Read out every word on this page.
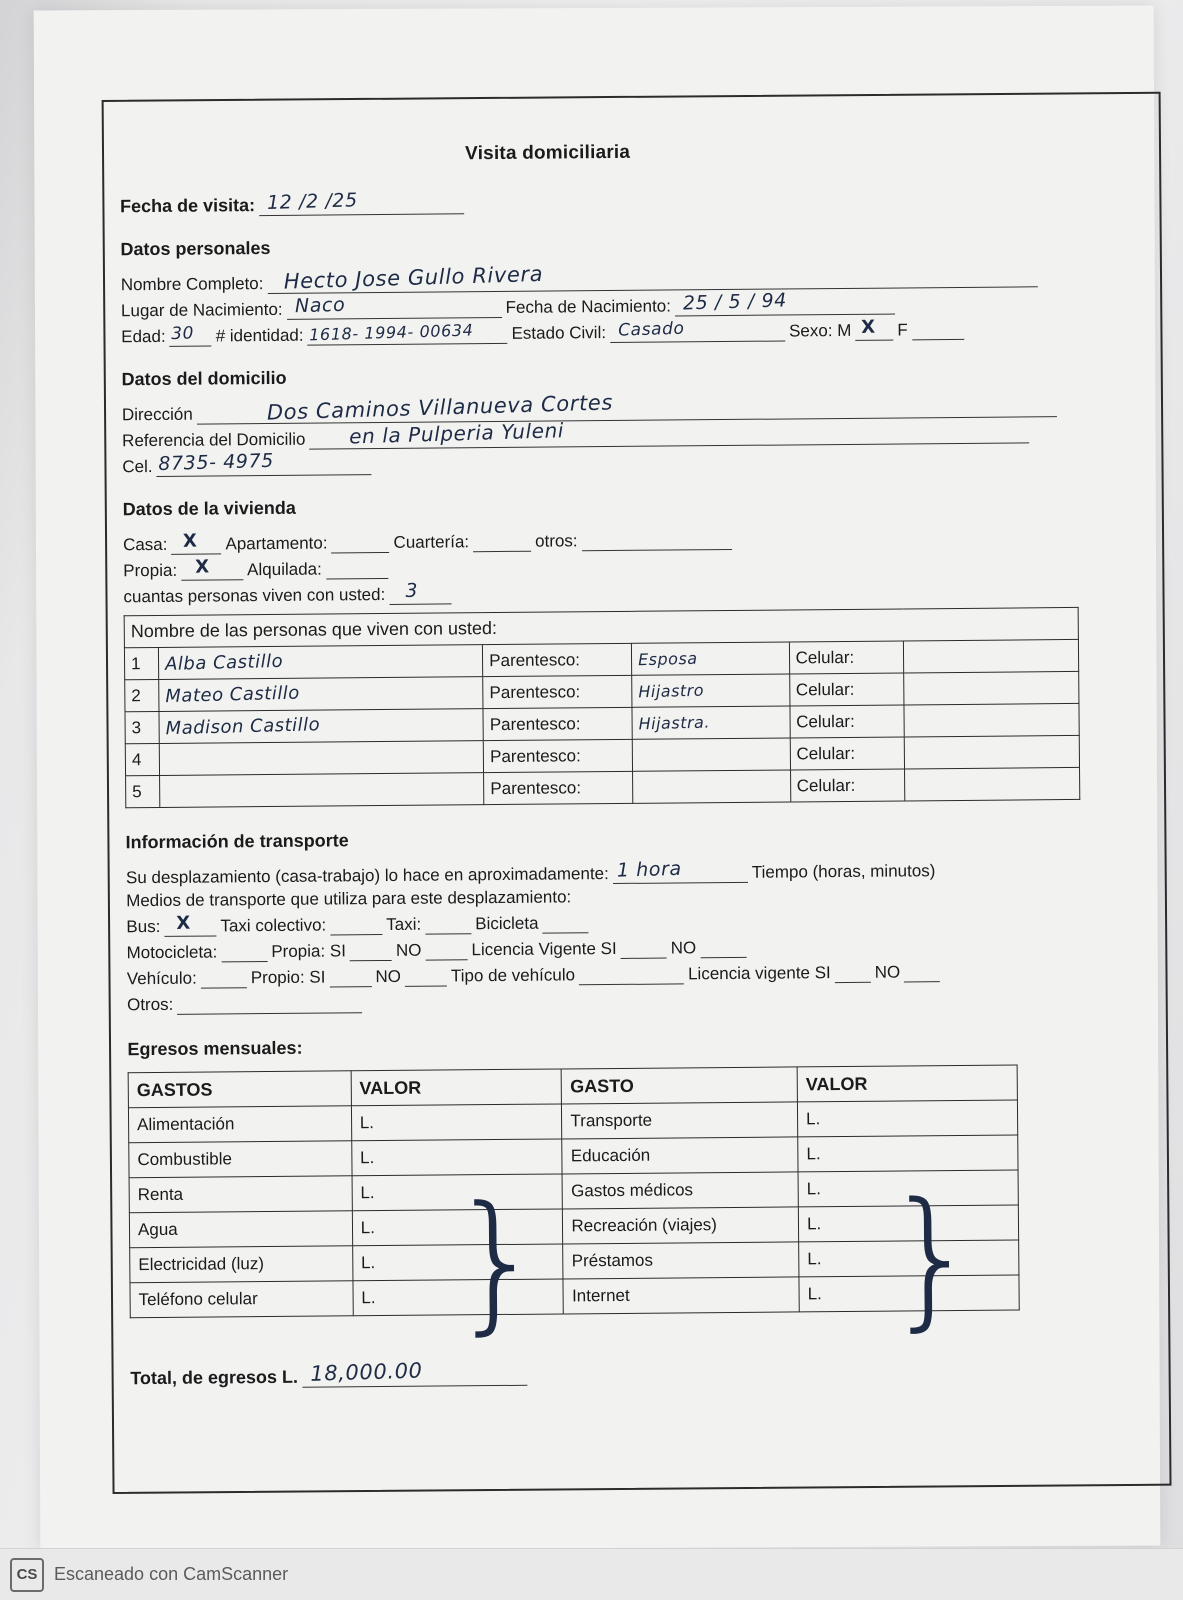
Visita domiciliaria
Fecha de visita: 12 /2 /25
Datos personales
Nombre Completo: Hecto Jose Gullo Rivera
Lugar de Nacimiento: Naco	Fecha de Nacimiento: 25 / 5 / 94
Edad: 30 # identidad: 1618- 1994- 00634 Estado Civil: Casado	Sexo: M X F
Datos del domicilio
Dirección	Dos Caminos Villanueva Cortes
Referencia del Domicilio en la Pulperia Yuleni
Cel. 8735- 4975
Datos de la vivienda
Casa: X Apartamento:	Cuartería:	otros:
Propia: X Alquilada:
cuantas personas viven con usted: 3
Nombre de las personas que viven con usted:					
1	Alba Castillo	Parentesco:	Esposa	Celular:	
2	Mateo Castillo	Parentesco:	Hijastro	Celular:	
3	Madison Castillo	Parentesco:	Hijastra.	Celular:	
4		Parentesco:		Celular:	
5		Parentesco:		Celular:	
Información de transporte
Su desplazamiento (casa-trabajo) lo hace en aproximadamente: 1 hora	Tiempo (horas, minutos)
Medios de transporte que utiliza para este desplazamiento:
Bus: X Taxi colectivo:	Taxi:	Bicicleta
Motocicleta:	Propia: SI	NO	Licencia Vigente SI	NO
Vehículo:	Propio: SI	NO	Tipo de vehículo	Licencia vigente SI	NO
Otros:
Egresos mensuales:
GASTOS	VALOR	GASTO	VALOR
Alimentación	L.	Transporte	L.
Combustible	L.	Educación	L.
Renta	L.	Gastos médicos	L.
Agua	L.	Recreación (viajes)	L.
Electricidad (luz)	L.	Préstamos	L.
Teléfono celular	L.	Internet	L.
} }
Total, de egresos L. 18,000.00
CS Escaneado con CamScanner
